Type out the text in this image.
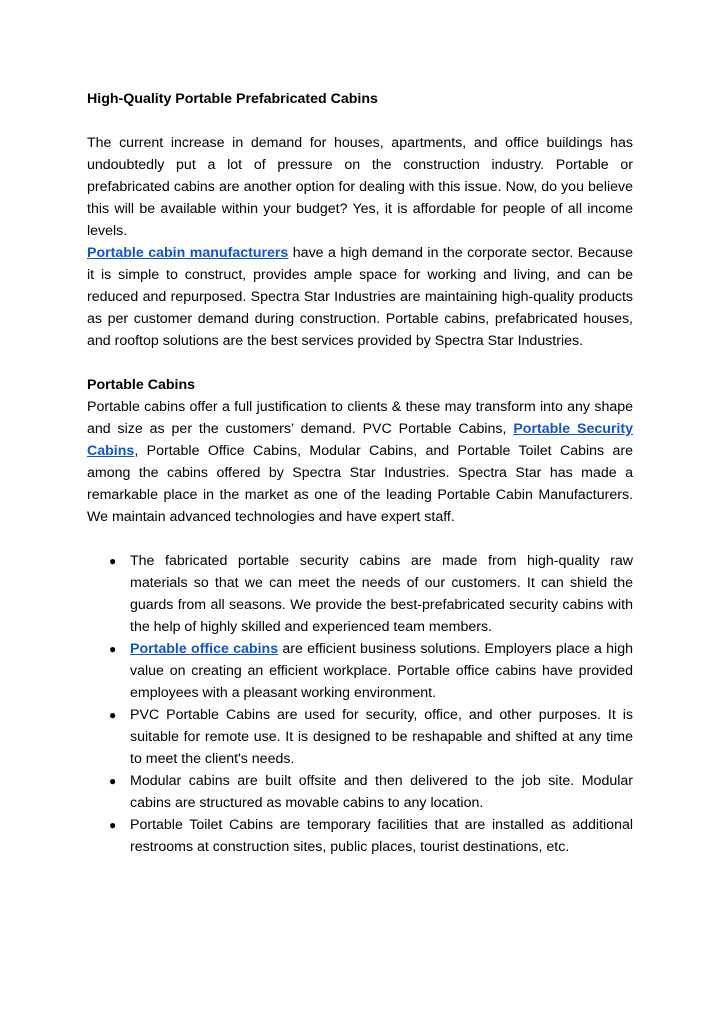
High-Quality Portable Prefabricated Cabins

The current increase in demand for houses, apartments, and office buildings has undoubtedly put a lot of pressure on the construction industry. Portable or prefabricated cabins are another option for dealing with this issue. Now, do you believe this will be available within your budget? Yes, it is affordable for people of all income levels.

Portable cabin manufacturers have a high demand in the corporate sector. Because it is simple to construct, provides ample space for working and living, and can be reduced and repurposed. Spectra Star Industries are maintaining high-quality products as per customer demand during construction. Portable cabins, prefabricated houses, and rooftop solutions are the best services provided by Spectra Star Industries.

Portable Cabins

Portable cabins offer a full justification to clients & these may transform into any shape and size as per the customers’ demand. PVC Portable Cabins, Portable Security Cabins, Portable Office Cabins, Modular Cabins, and Portable Toilet Cabins are among the cabins offered by Spectra Star Industries. Spectra Star has made a remarkable place in the market as one of the leading Portable Cabin Manufacturers. We maintain advanced technologies and have expert staff.

● The fabricated portable security cabins are made from high-quality raw materials so that we can meet the needs of our customers. It can shield the guards from all seasons. We provide the best-prefabricated security cabins with the help of highly skilled and experienced team members.
● Portable office cabins are efficient business solutions. Employers place a high value on creating an efficient workplace. Portable office cabins have provided employees with a pleasant working environment.
● PVC Portable Cabins are used for security, office, and other purposes. It is suitable for remote use. It is designed to be reshapable and shifted at any time to meet the client's needs.
● Modular cabins are built offsite and then delivered to the job site. Modular cabins are structured as movable cabins to any location.
● Portable Toilet Cabins are temporary facilities that are installed as additional restrooms at construction sites, public places, tourist destinations, etc.
